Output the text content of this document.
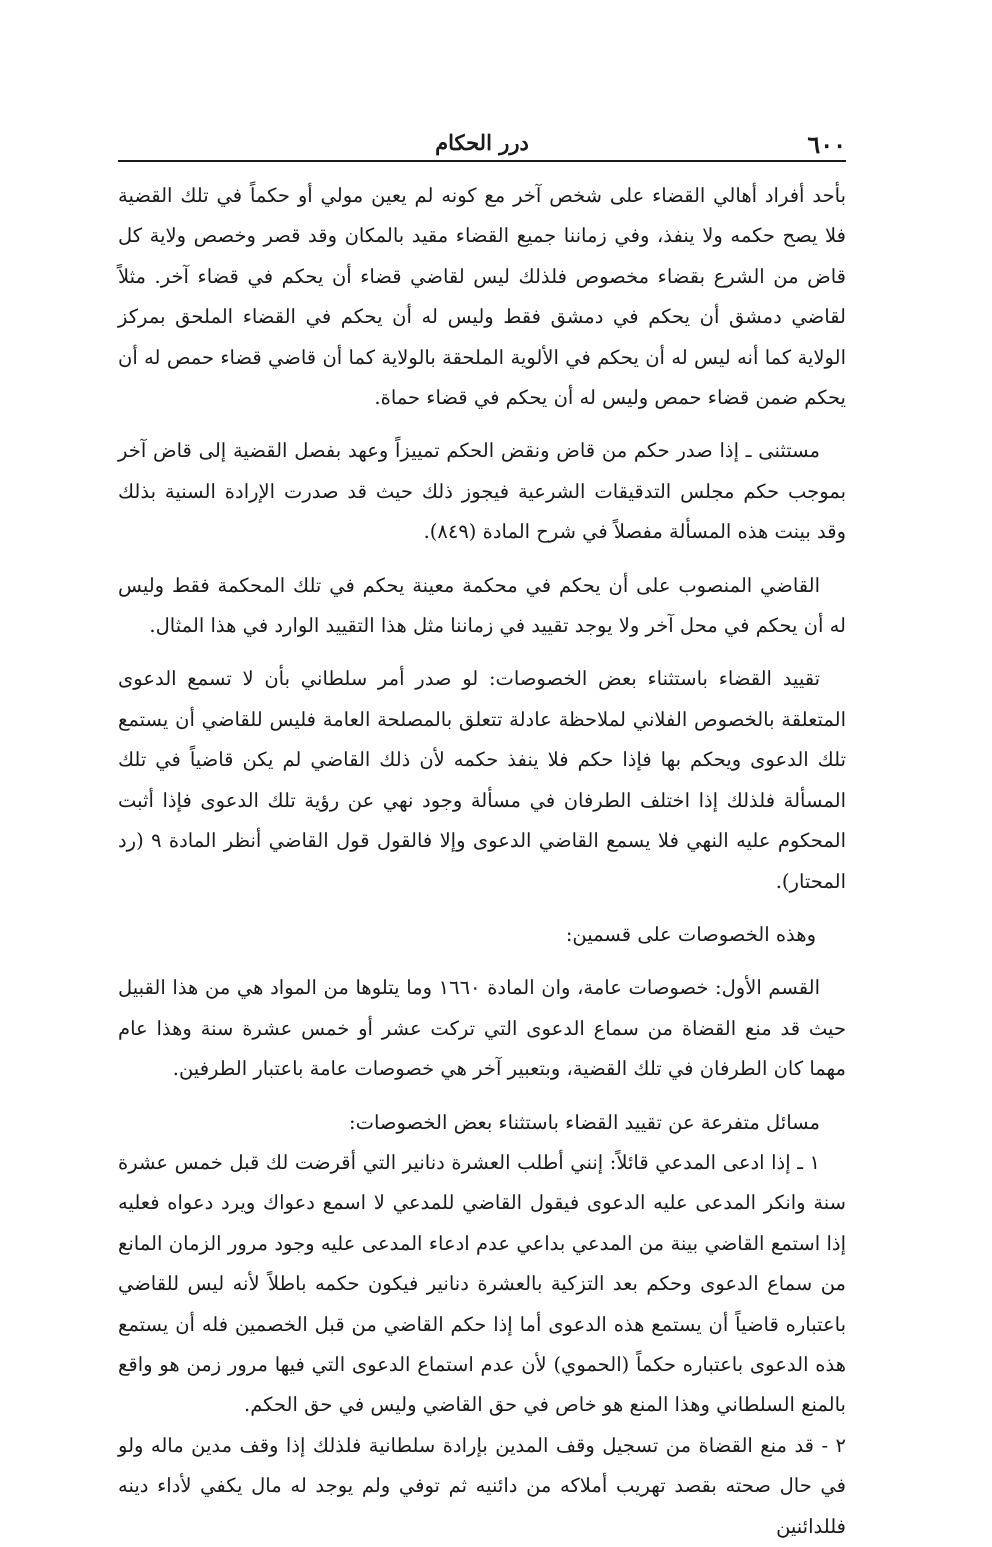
٦٠٠
درر الحكام

بأحد أفراد أهالي القضاء على شخص آخر مع كونه لم يعين مولي أو حكماً في تلك القضية فلا يصح حكمه ولا ينفذ، وفي زماننا جميع القضاء مقيد بالمكان وقد قصر وخصص ولاية كل قاض من الشرع بقضاء مخصوص فلذلك ليس لقاضي قضاء أن يحكم في قضاء آخر. مثلاً لقاضي دمشق أن يحكم في دمشق فقط وليس له أن يحكم في القضاء الملحق بمركز الولاية كما أنه ليس له أن يحكم في الألوية الملحقة بالولاية كما أن قاضي قضاء حمص له أن يحكم ضمن قضاء حمص وليس له أن يحكم في قضاء حماة.

مستثنى ـ إذا صدر حكم من قاض ونقض الحكم تمييزاً وعهد بفصل القضية إلى قاض آخر بموجب حكم مجلس التدقيقات الشرعية فيجوز ذلك حيث قد صدرت الإرادة السنية بذلك وقد بينت هذه المسألة مفصلاً في شرح المادة (٨٤٩).

القاضي المنصوب على أن يحكم في محكمة معينة يحكم في تلك المحكمة فقط وليس له أن يحكم في محل آخر ولا يوجد تقييد في زماننا مثل هذا التقييد الوارد في هذا المثال.

تقييد القضاء باستثناء بعض الخصوصات: لو صدر أمر سلطاني بأن لا تسمع الدعوى المتعلقة بالخصوص الفلاني لملاحظة عادلة تتعلق بالمصلحة العامة فليس للقاضي أن يستمع تلك الدعوى ويحكم بها فإذا حكم فلا ينفذ حكمه لأن ذلك القاضي لم يكن قاضياً في تلك المسألة فلذلك إذا اختلف الطرفان في مسألة وجود نهي عن رؤية تلك الدعوى فإذا أثبت المحكوم عليه النهي فلا يسمع القاضي الدعوى وإلا فالقول قول القاضي أنظر المادة ٩ (رد المحتار).

وهذه الخصوصات على قسمين:

القسم الأول: خصوصات عامة، وان المادة ١٦٦٠ وما يتلوها من المواد هي من هذا القبيل حيث قد منع القضاة من سماع الدعوى التي تركت عشر أو خمس عشرة سنة وهذا عام مهما كان الطرفان في تلك القضية، وبتعبير آخر هي خصوصات عامة باعتبار الطرفين.

مسائل متفرعة عن تقييد القضاء باستثناء بعض الخصوصات:

١ ـ إذا ادعى المدعي قائلاً: إنني أطلب العشرة دنانير التي أقرضت لك قبل خمس عشرة سنة وانكر المدعى عليه الدعوى فيقول القاضي للمدعي لا اسمع دعواك ويرد دعواه فعليه إذا استمع القاضي بينة من المدعي بداعي عدم ادعاء المدعى عليه وجود مرور الزمان المانع من سماع الدعوى وحكم بعد التزكية بالعشرة دنانير فيكون حكمه باطلاً لأنه ليس للقاضي باعتباره قاضياً أن يستمع هذه الدعوى أما إذا حكم القاضي من قبل الخصمين فله أن يستمع هذه الدعوى باعتباره حكماً (الحموي) لأن عدم استماع الدعوى التي فيها مرور زمن هو واقع بالمنع السلطاني وهذا المنع هو خاص في حق القاضي وليس في حق الحكم.

٢ - قد منع القضاة من تسجيل وقف المدين بإرادة سلطانية فلذلك إذا وقف مدين ماله ولو في حال صحته بقصد تهريب أملاكه من دائنيه ثم توفي ولم يوجد له مال يكفي لأداء دينه فللدائنين
